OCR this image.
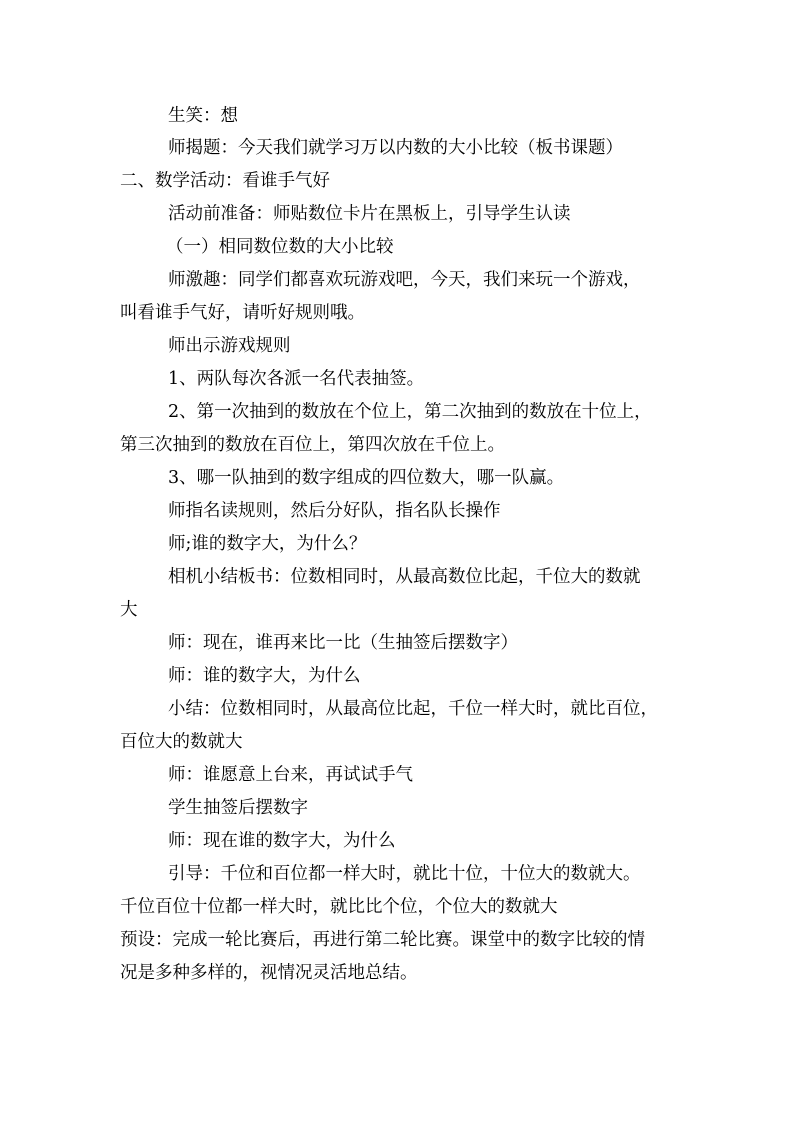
生笑：想
师揭题：今天我们就学习万以内数的大小比较（板书课题）
二、数学活动：看谁手气好
活动前准备：师贴数位卡片在黑板上，引导学生认读
（一）相同数位数的大小比较
师激趣：同学们都喜欢玩游戏吧，今天，我们来玩一个游戏，
叫看谁手气好，请听好规则哦。
师出示游戏规则
1、两队每次各派一名代表抽签。
2、第一次抽到的数放在个位上，第二次抽到的数放在十位上，
第三次抽到的数放在百位上，第四次放在千位上。
3、哪一队抽到的数字组成的四位数大，哪一队赢。
师指名读规则，然后分好队，指名队长操作
师;谁的数字大，为什么？
相机小结板书：位数相同时，从最高数位比起，千位大的数就
大
师：现在，谁再来比一比（生抽签后摆数字）
师：谁的数字大，为什么
小结：位数相同时，从最高位比起，千位一样大时，就比百位，
百位大的数就大
师：谁愿意上台来，再试试手气
学生抽签后摆数字
师：现在谁的数字大，为什么
引导：千位和百位都一样大时，就比十位，十位大的数就大。
千位百位十位都一样大时，就比比个位，个位大的数就大
预设：完成一轮比赛后，再进行第二轮比赛。课堂中的数字比较的情
况是多种多样的，视情况灵活地总结。
